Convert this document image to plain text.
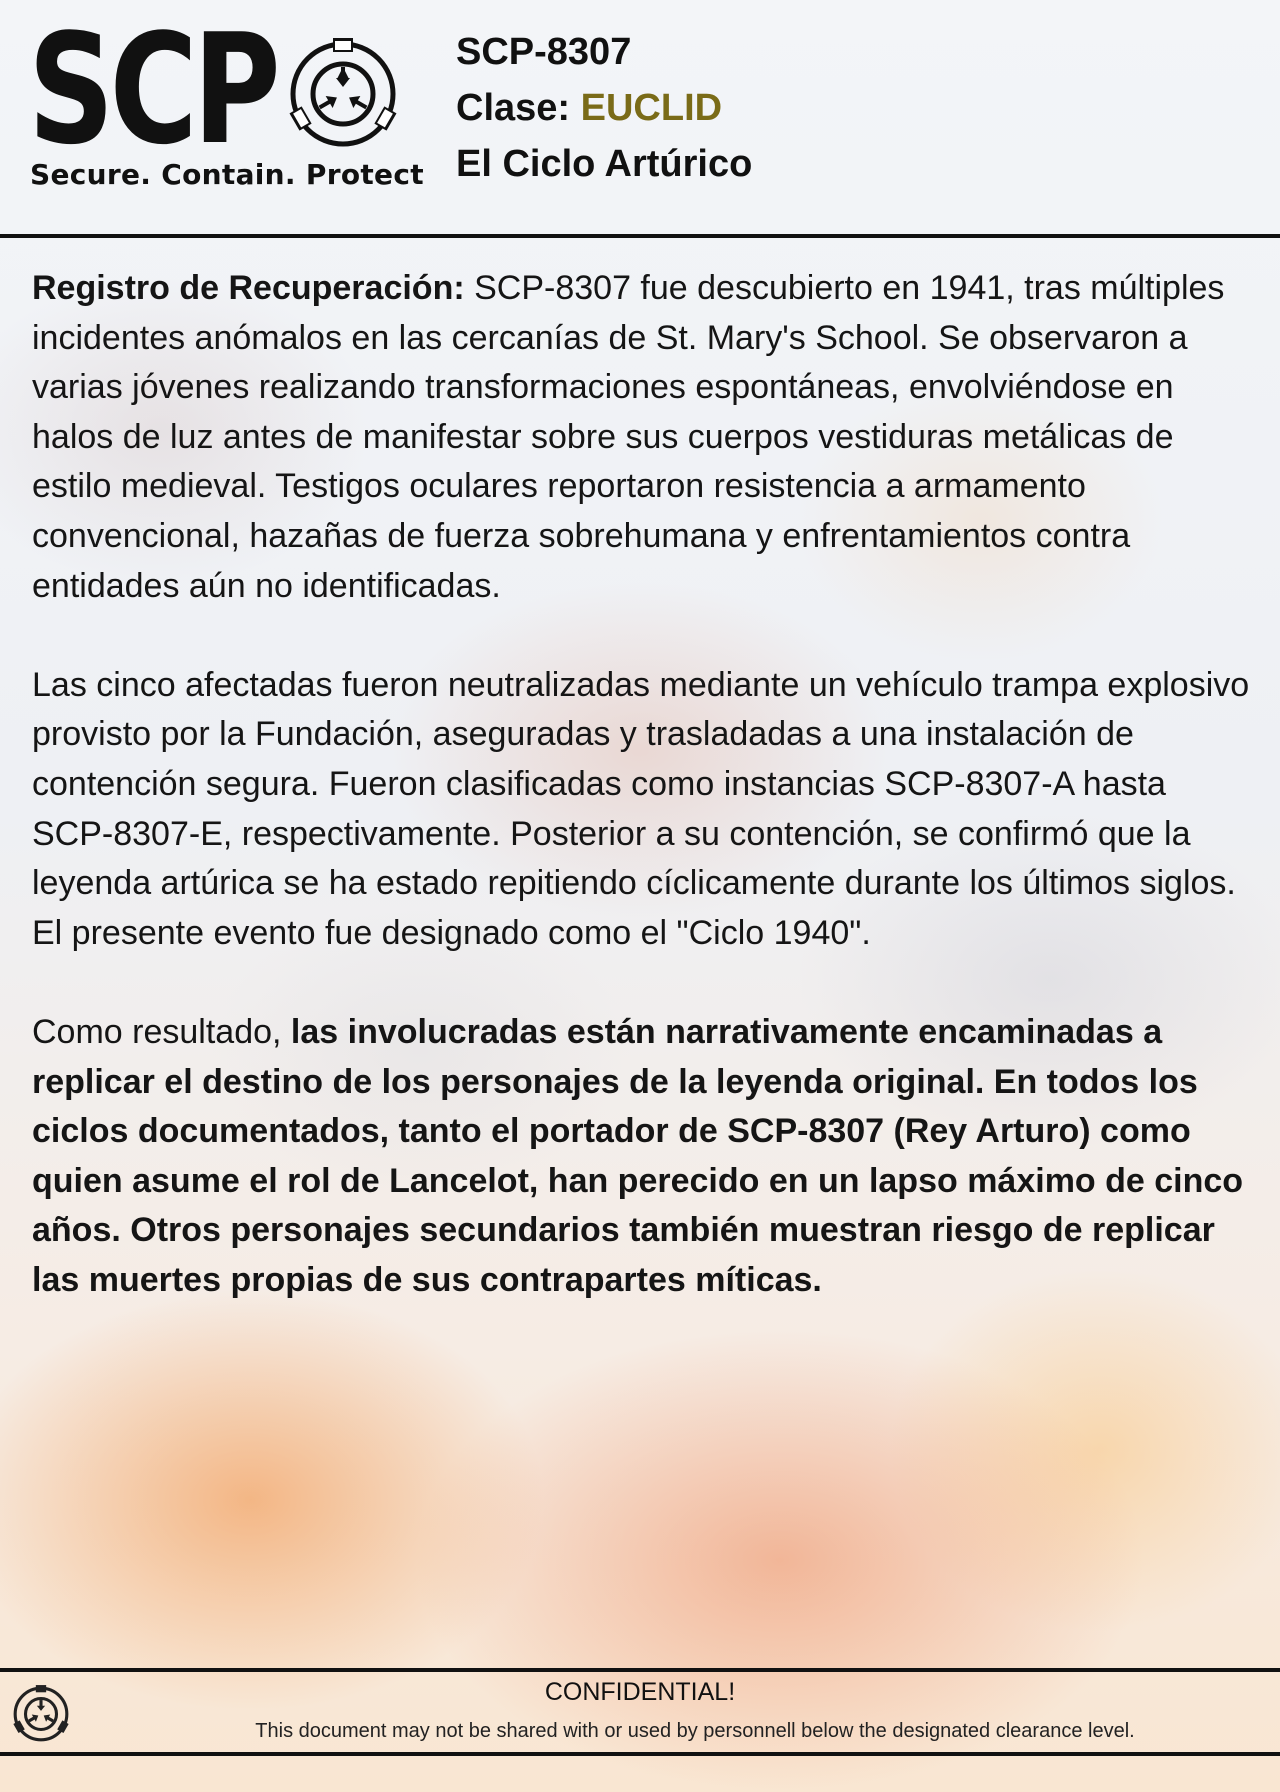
SCP
Secure. Contain. Protect
SCP-8307
Clase: EUCLID
El Ciclo Artúrico

Registro de Recuperación: SCP-8307 fue descubierto en 1941, tras múltiples incidentes anómalos en las cercanías de St. Mary's School. Se observaron a varias jóvenes realizando transformaciones espontáneas, envolviéndose en halos de luz antes de manifestar sobre sus cuerpos vestiduras metálicas de estilo medieval. Testigos oculares reportaron resistencia a armamento convencional, hazañas de fuerza sobrehumana y enfrentamientos contra entidades aún no identificadas.

Las cinco afectadas fueron neutralizadas mediante un vehículo trampa explosivo provisto por la Fundación, aseguradas y trasladadas a una instalación de contención segura. Fueron clasificadas como instancias SCP-8307-A hasta SCP-8307-E, respectivamente. Posterior a su contención, se confirmó que la leyenda artúrica se ha estado repitiendo cíclicamente durante los últimos siglos. El presente evento fue designado como el "Ciclo 1940".

Como resultado, las involucradas están narrativamente encaminadas a replicar el destino de los personajes de la leyenda original. En todos los ciclos documentados, tanto el portador de SCP-8307 (Rey Arturo) como quien asume el rol de Lancelot, han perecido en un lapso máximo de cinco años. Otros personajes secundarios también muestran riesgo de replicar las muertes propias de sus contrapartes míticas.

CONFIDENTIAL!
This document may not be shared with or used by personnell below the designated clearance level.
